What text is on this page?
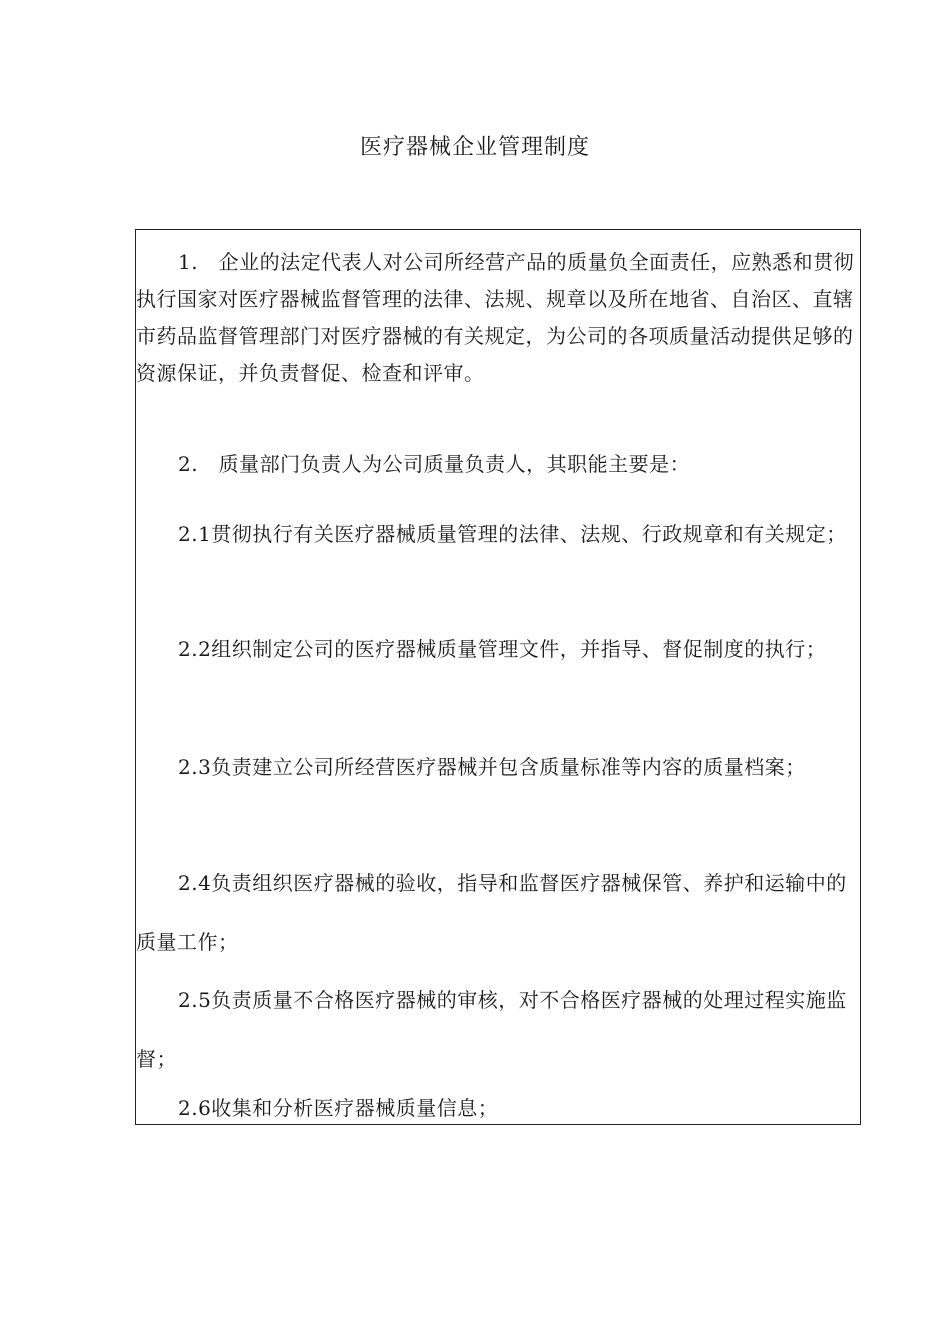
医疗器械企业管理制度

1.　企业的法定代表人对公司所经营产品的质量负全面责任，应熟悉和贯彻执行国家对医疗器械监督管理的法律、法规、规章以及所在地省、自治区、直辖市药品监督管理部门对医疗器械的有关规定，为公司的各项质量活动提供足够的资源保证，并负责督促、检查和评审。

2.　质量部门负责人为公司质量负责人，其职能主要是：

2.1贯彻执行有关医疗器械质量管理的法律、法规、行政规章和有关规定；

2.2组织制定公司的医疗器械质量管理文件，并指导、督促制度的执行；

2.3负责建立公司所经营医疗器械并包含质量标准等内容的质量档案；

2.4负责组织医疗器械的验收，指导和监督医疗器械保管、养护和运输中的质量工作；

2.5负责质量不合格医疗器械的审核，对不合格医疗器械的处理过程实施监督；

2.6收集和分析医疗器械质量信息；
